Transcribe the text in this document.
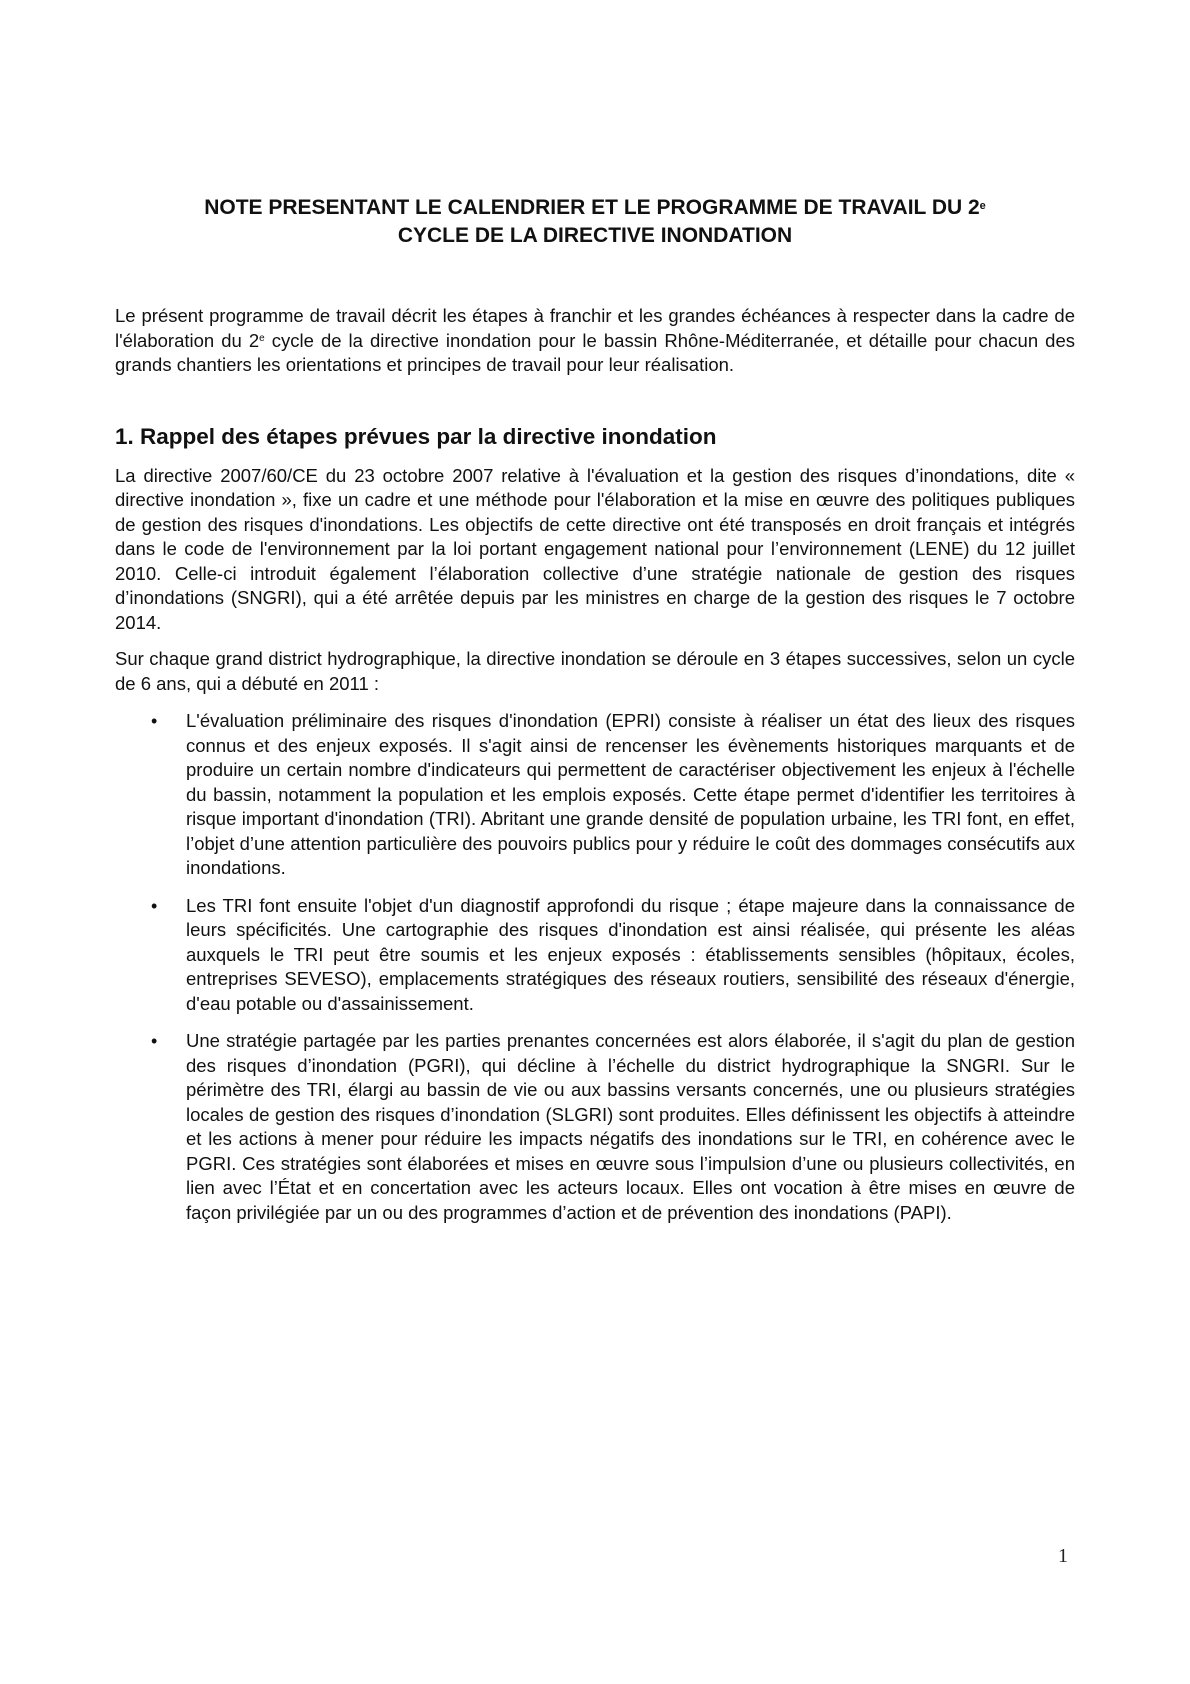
NOTE PRESENTANT LE CALENDRIER ET LE PROGRAMME DE TRAVAIL DU 2e
CYCLE DE LA DIRECTIVE INONDATION

Le présent programme de travail décrit les étapes à franchir et les grandes échéances à respecter dans la cadre de l'élaboration du 2e cycle de la directive inondation pour le bassin Rhône-Méditerranée, et détaille pour chacun des grands chantiers les orientations et principes de travail pour leur réalisation.

1. Rappel des étapes prévues par la directive inondation

La directive 2007/60/CE du 23 octobre 2007 relative à l'évaluation et la gestion des risques d’inondations, dite « directive inondation », fixe un cadre et une méthode pour l'élaboration et la mise en œuvre des politiques publiques de gestion des risques d'inondations. Les objectifs de cette directive ont été transposés en droit français et intégrés dans le code de l'environnement par la loi portant engagement national pour l’environnement (LENE) du 12 juillet 2010. Celle-ci introduit également l’élaboration collective d’une stratégie nationale de gestion des risques d’inondations (SNGRI), qui a été arrêtée depuis par les ministres en charge de la gestion des risques le 7 octobre 2014.

Sur chaque grand district hydrographique, la directive inondation se déroule en 3 étapes successives, selon un cycle de 6 ans, qui a débuté en 2011 :

• L'évaluation préliminaire des risques d'inondation (EPRI) consiste à réaliser un état des lieux des risques connus et des enjeux exposés. Il s'agit ainsi de rencenser les évènements historiques marquants et de produire un certain nombre d'indicateurs qui permettent de caractériser objectivement les enjeux à l'échelle du bassin, notamment la population et les emplois exposés. Cette étape permet d'identifier les territoires à risque important d'inondation (TRI). Abritant une grande densité de population urbaine, les TRI font, en effet, l’objet d’une attention particulière des pouvoirs publics pour y réduire le coût des dommages consécutifs aux inondations.
• Les TRI font ensuite l'objet d'un diagnostif approfondi du risque ; étape majeure dans la connaissance de leurs spécificités. Une cartographie des risques d'inondation est ainsi réalisée, qui présente les aléas auxquels le TRI peut être soumis et les enjeux exposés : établissements sensibles (hôpitaux, écoles, entreprises SEVESO), emplacements stratégiques des réseaux routiers, sensibilité des réseaux d'énergie, d'eau potable ou d'assainissement.
• Une stratégie partagée par les parties prenantes concernées est alors élaborée, il s'agit du plan de gestion des risques d’inondation (PGRI), qui décline à l’échelle du district hydrographique la SNGRI. Sur le périmètre des TRI, élargi au bassin de vie ou aux bassins versants concernés, une ou plusieurs stratégies locales de gestion des risques d’inondation (SLGRI) sont produites. Elles définissent les objectifs à atteindre et les actions à mener pour réduire les impacts négatifs des inondations sur le TRI, en cohérence avec le PGRI. Ces stratégies sont élaborées et mises en œuvre sous l’impulsion d’une ou plusieurs collectivités, en lien avec l’État et en concertation avec les acteurs locaux. Elles ont vocation à être mises en œuvre de façon privilégiée par un ou des programmes d’action et de prévention des inondations (PAPI).
1
